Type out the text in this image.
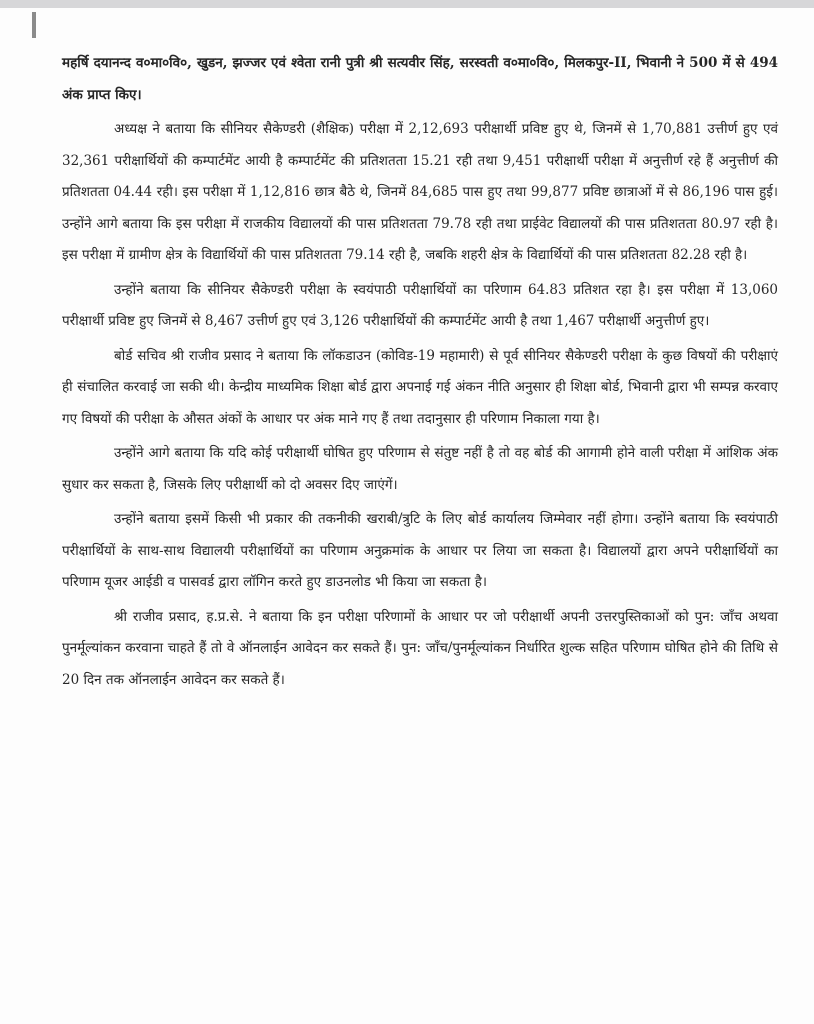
महर्षि दयानन्द व०मा०वि०, खुडन, झज्जर एवं श्वेता रानी पुत्री श्री सत्यवीर सिंह, सरस्वती व०मा०वि०, मिलकपुर-II, भिवानी ने 500 में से 494 अंक प्राप्त किए।

अध्यक्ष ने बताया कि सीनियर सैकेण्डरी (शैक्षिक) परीक्षा में 2,12,693 परीक्षार्थी प्रविष्ट हुए थे, जिनमें से 1,70,881 उत्तीर्ण हुए एवं 32,361 परीक्षार्थियों की कम्पार्टमेंट आयी है कम्पार्टमेंट की प्रतिशतता 15.21 रही तथा 9,451 परीक्षार्थी परीक्षा में अनुत्तीर्ण रहे हैं अनुत्तीर्ण की प्रतिशतता 04.44 रही। इस परीक्षा में 1,12,816 छात्र बैठे थे, जिनमें 84,685 पास हुए तथा 99,877 प्रविष्ट छात्राओं में से 86,196 पास हुई। उन्होंने आगे बताया कि इस परीक्षा में राजकीय विद्यालयों की पास प्रतिशतता 79.78 रही तथा प्राईवेट विद्यालयों की पास प्रतिशतता 80.97 रही है। इस परीक्षा में ग्रामीण क्षेत्र के विद्यार्थियों की पास प्रतिशतता 79.14 रही है, जबकि शहरी क्षेत्र के विद्यार्थियों की पास प्रतिशतता 82.28 रही है।

उन्होंने बताया कि सीनियर सैकेण्डरी परीक्षा के स्वयंपाठी परीक्षार्थियों का परिणाम 64.83 प्रतिशत रहा है। इस परीक्षा में 13,060 परीक्षार्थी प्रविष्ट हुए जिनमें से 8,467 उत्तीर्ण हुए एवं 3,126 परीक्षार्थियों की कम्पार्टमेंट आयी है तथा 1,467 परीक्षार्थी अनुत्तीर्ण हुए।

बोर्ड सचिव श्री राजीव प्रसाद ने बताया कि लॉकडाउन (कोविड-19 महामारी) से पूर्व सीनियर सैकेण्डरी परीक्षा के कुछ विषयों की परीक्षाएं ही संचालित करवाई जा सकी थी। केन्द्रीय माध्यमिक शिक्षा बोर्ड द्वारा अपनाई गई अंकन नीति अनुसार ही शिक्षा बोर्ड, भिवानी द्वारा भी सम्पन्न करवाए गए विषयों की परीक्षा के औसत अंकों के आधार पर अंक माने गए हैं तथा तदानुसार ही परिणाम निकाला गया है।

उन्होंने आगे बताया कि यदि कोई परीक्षार्थी घोषित हुए परिणाम से संतुष्ट नहीं है तो वह बोर्ड की आगामी होने वाली परीक्षा में आंशिक अंक सुधार कर सकता है, जिसके लिए परीक्षार्थी को दो अवसर दिए जाएंगें।

उन्होंने बताया इसमें किसी भी प्रकार की तकनीकी खराबी/त्रुटि के लिए बोर्ड कार्यालय जिम्मेवार नहीं होगा। उन्होंने बताया कि स्वयंपाठी परीक्षार्थियों के साथ-साथ विद्यालयी परीक्षार्थियों का परिणाम अनुक्रमांक के आधार पर लिया जा सकता है। विद्यालयों द्वारा अपने परीक्षार्थियों का परिणाम यूजर आईडी व पासवर्ड द्वारा लॉगिन करते हुए डाउनलोड भी किया जा सकता है।

श्री राजीव प्रसाद, ह.प्र.से. ने बताया कि इन परीक्षा परिणामों के आधार पर जो परीक्षार्थी अपनी उत्तरपुस्तिकाओं को पुन: जाँच अथवा पुनर्मूल्यांकन करवाना चाहते हैं तो वे ऑनलाईन आवेदन कर सकते हैं। पुन: जाँच/पुनर्मूल्यांकन निर्धारित शुल्क सहित परिणाम घोषित होने की तिथि से 20 दिन तक ऑनलाईन आवेदन कर सकते हैं।
